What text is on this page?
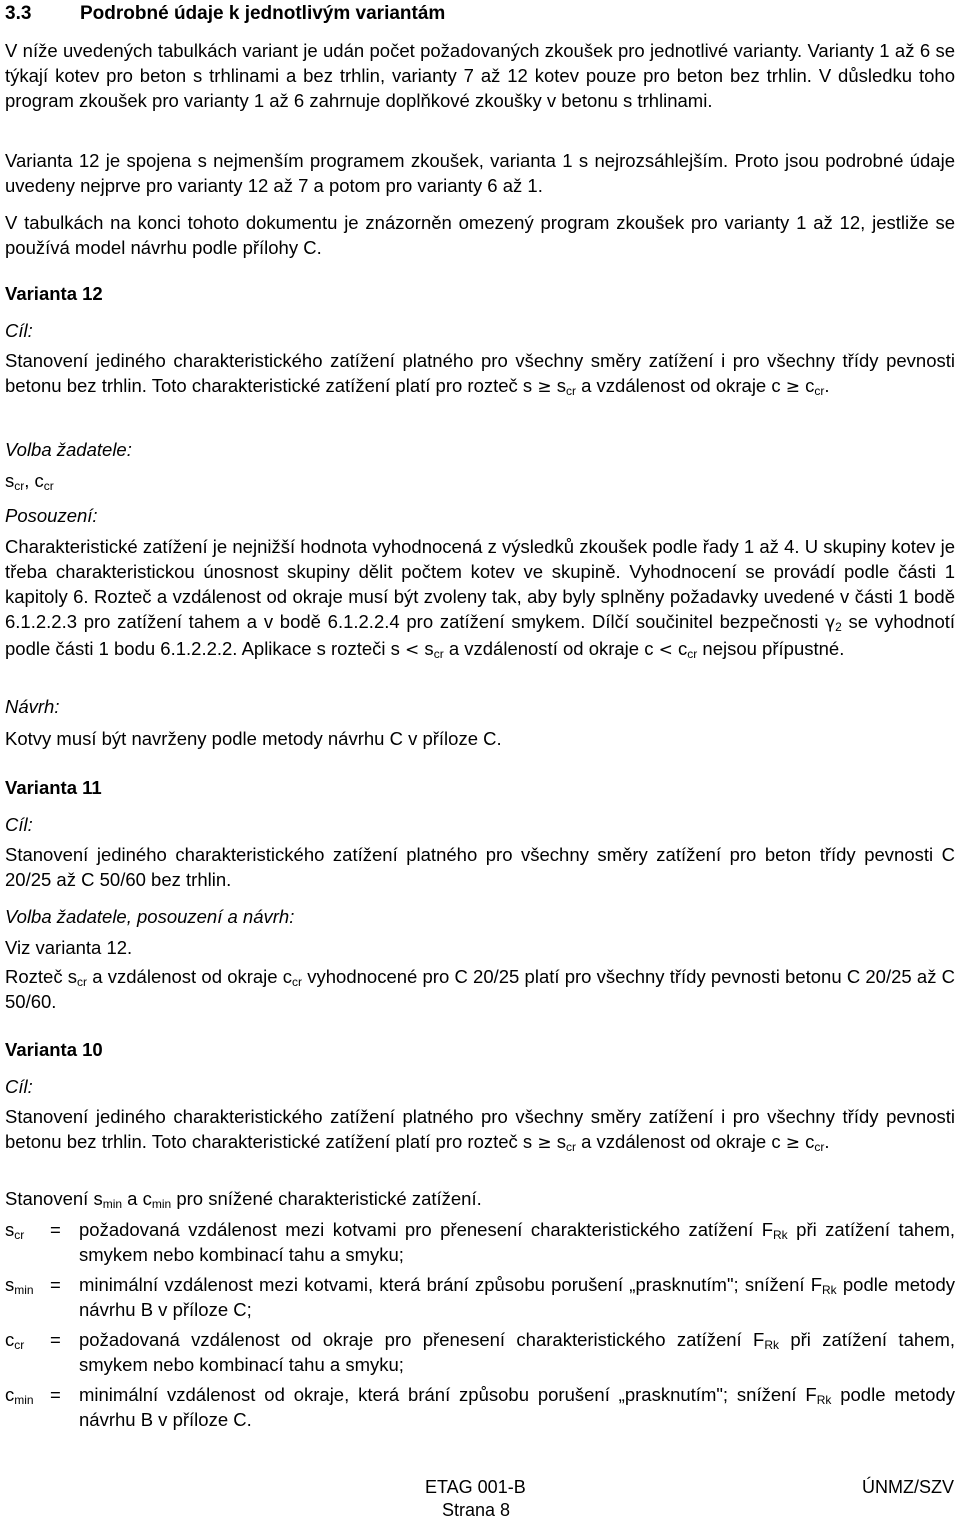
3.3	Podrobné údaje k jednotlivým variantám

V níže uvedených tabulkách variant je udán počet požadovaných zkoušek pro jednotlivé varianty. Varianty 1 až 6 se týkají kotev pro beton s trhlinami a bez trhlin, varianty 7 až 12 kotev pouze pro beton bez trhlin. V důsledku toho program zkoušek pro varianty 1 až 6 zahrnuje doplňkové zkoušky v betonu s trhlinami.

Varianta 12 je spojena s nejmenším programem zkoušek, varianta 1 s nejrozsáhlejším. Proto jsou podrobné údaje uvedeny nejprve pro varianty 12 až 7 a potom pro varianty 6 až 1.

V tabulkách na konci tohoto dokumentu je znázorněn omezený program zkoušek pro varianty 1 až 12, jestliže se používá model návrhu podle přílohy C.

Varianta 12
Cíl:

Stanovení jediného charakteristického zatížení platného pro všechny směry zatížení i pro všechny třídy pevnosti betonu bez trhlin. Toto charakteristické zatížení platí pro rozteč $s \ge s_{cr}$ a vzdálenost od okraje $c \ge c_{cr}$.

Volba žadatele:

$s_{cr}$, $c_{cr}$

Posouzení:

Charakteristické zatížení je nejnižší hodnota vyhodnocená z výsledků zkoušek podle řady 1 až 4. U skupiny kotev je třeba charakteristickou únosnost skupiny dělit počtem kotev ve skupině. Vyhodnocení se provádí podle části 1 kapitoly 6. Rozteč a vzdálenost od okraje musí být zvoleny tak, aby byly splněny požadavky uvedené v části 1 bodě 6.1.2.2.3 pro zatížení tahem a v bodě 6.1.2.2.4 pro zatížení smykem. Dílčí součinitel bezpečnosti $\gamma_2$ se vyhodnotí podle části 1 bodu 6.1.2.2.2. Aplikace s rozteči $s < s_{cr}$ a vzdáleností od okraje $c < c_{cr}$ nejsou přípustné.

Návrh:

Kotvy musí být navrženy podle metody návrhu C v příloze C.

Varianta 11
Cíl:

Stanovení jediného charakteristického zatížení platného pro všechny směry zatížení pro beton třídy pevnosti C 20/25 až C 50/60 bez trhlin.

Volba žadatele, posouzení a návrh:

Viz varianta 12.

Rozteč $s_{cr}$ a vzdálenost od okraje $c_{cr}$ vyhodnocené pro C 20/25 platí pro všechny třídy pevnosti betonu C 20/25 až C 50/60.

Varianta 10
Cíl:

Stanovení jediného charakteristického zatížení platného pro všechny směry zatížení i pro všechny třídy pevnosti betonu bez trhlin. Toto charakteristické zatížení platí pro rozteč $s \ge s_{cr}$ a vzdálenost od okraje $c \ge c_{cr}$.

Stanovení $s_{min}$ a $c_{min}$ pro snížené charakteristické zatížení.

$s_{cr}$ = požadovaná vzdálenost mezi kotvami pro přenesení charakteristického zatížení $F_{Rk}$ při zatížení tahem, smykem nebo kombinací tahu a smyku;
$s_{min}$ = minimální vzdálenost mezi kotvami, která brání způsobu porušení „prasknutím"; snížení $F_{Rk}$ podle metody návrhu B v příloze C;
$c_{cr}$ = požadovaná vzdálenost od okraje pro přenesení charakteristického zatížení $F_{Rk}$ při zatížení tahem, smykem nebo kombinací tahu a smyku;
$c_{min}$ = minimální vzdálenost od okraje, která brání způsobu porušení „prasknutím"; snížení $F_{Rk}$ podle metody návrhu B v příloze C.
ETAG 001-B
Strana 8
ÚNMZ/SZV
